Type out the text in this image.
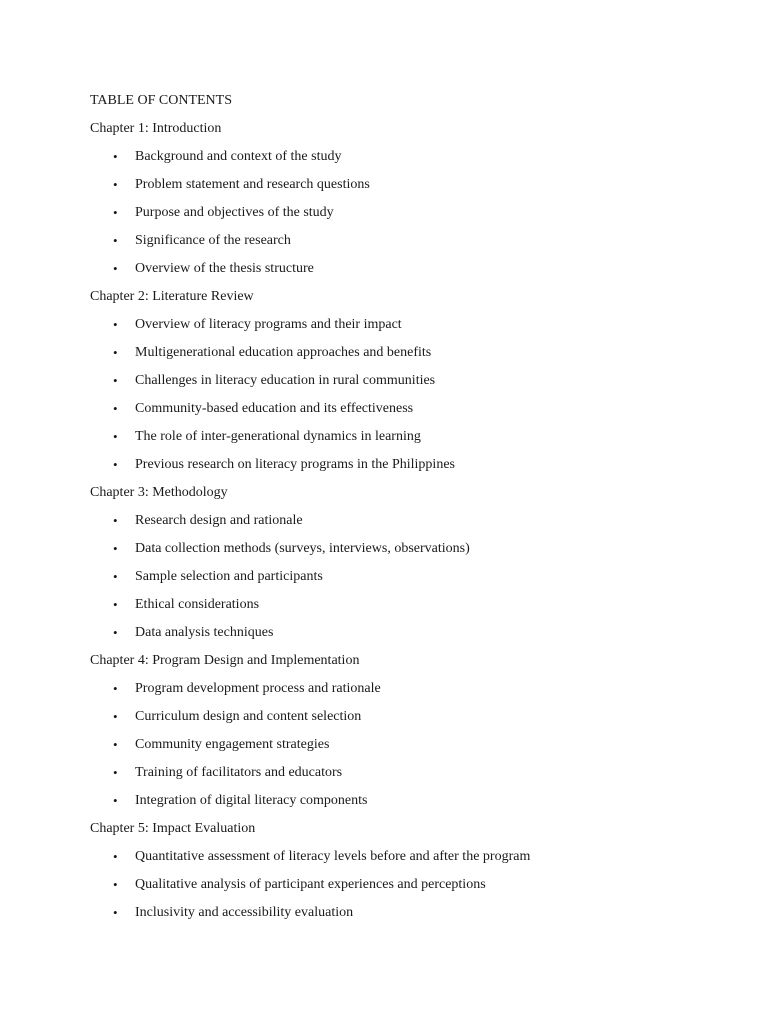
TABLE OF CONTENTS
Chapter 1: Introduction
• Background and context of the study
• Problem statement and research questions
• Purpose and objectives of the study
• Significance of the research
• Overview of the thesis structure
Chapter 2: Literature Review
• Overview of literacy programs and their impact
• Multigenerational education approaches and benefits
• Challenges in literacy education in rural communities
• Community-based education and its effectiveness
• The role of inter-generational dynamics in learning
• Previous research on literacy programs in the Philippines
Chapter 3: Methodology
• Research design and rationale
• Data collection methods (surveys, interviews, observations)
• Sample selection and participants
• Ethical considerations
• Data analysis techniques
Chapter 4: Program Design and Implementation
• Program development process and rationale
• Curriculum design and content selection
• Community engagement strategies
• Training of facilitators and educators
• Integration of digital literacy components
Chapter 5: Impact Evaluation
• Quantitative assessment of literacy levels before and after the program
• Qualitative analysis of participant experiences and perceptions
• Inclusivity and accessibility evaluation
